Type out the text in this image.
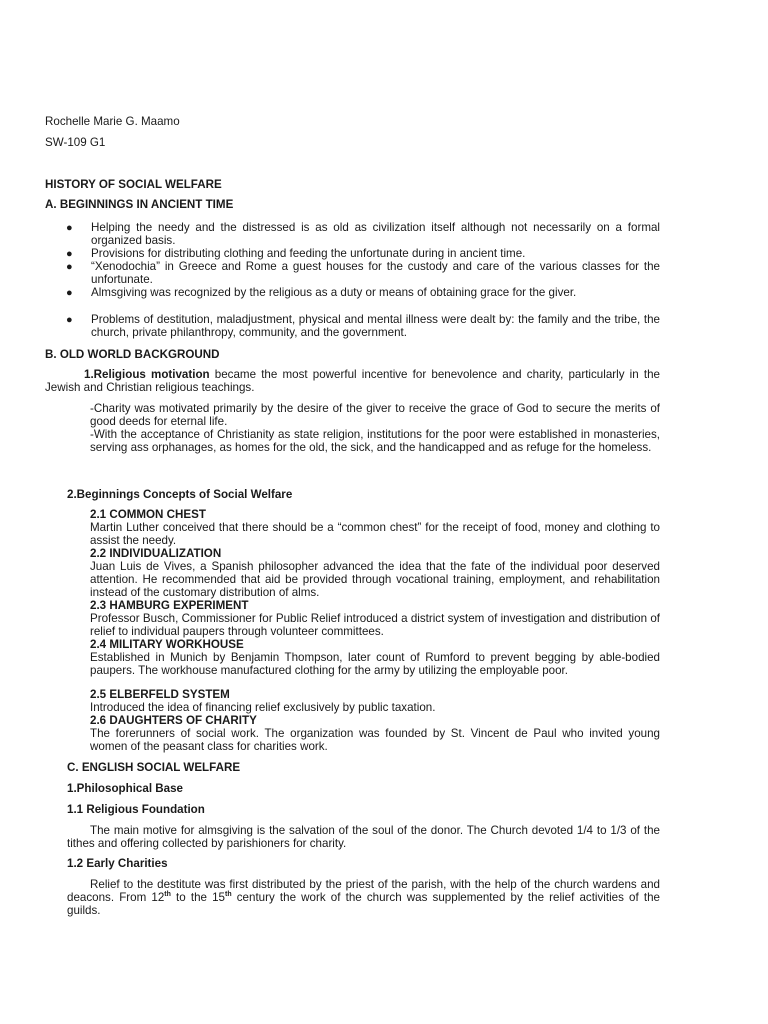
Rochelle Marie G. Maamo
SW-109 G1
HISTORY OF SOCIAL WELFARE
A. BEGINNINGS IN ANCIENT TIME
● Helping the needy and the distressed is as old as civilization itself although not necessarily on a formal organized basis.
● Provisions for distributing clothing and feeding the unfortunate during in ancient time.
● “Xenodochia” in Greece and Rome a guest houses for the custody and care of the various classes for the unfortunate.
● Almsgiving was recognized by the religious as a duty or means of obtaining grace for the giver.
● Problems of destitution, maladjustment, physical and mental illness were dealt by: the family and the tribe, the church, private philanthropy, community, and the government.
B. OLD WORLD BACKGROUND
1.Religious motivation became the most powerful incentive for benevolence and charity, particularly in the Jewish and Christian religious teachings.
-Charity was motivated primarily by the desire of the giver to receive the grace of God to secure the merits of good deeds for eternal life.
-With the acceptance of Christianity as state religion, institutions for the poor were established in monasteries, serving ass orphanages, as homes for the old, the sick, and the handicapped and as refuge for the homeless.
2.Beginnings Concepts of Social Welfare
2.1 COMMON CHEST
Martin Luther conceived that there should be a “common chest” for the receipt of food, money and clothing to assist the needy.
2.2 INDIVIDUALIZATION
Juan Luis de Vives, a Spanish philosopher advanced the idea that the fate of the individual poor deserved attention. He recommended that aid be provided through vocational training, employment, and rehabilitation instead of the customary distribution of alms.
2.3 HAMBURG EXPERIMENT
Professor Busch, Commissioner for Public Relief introduced a district system of investigation and distribution of relief to individual paupers through volunteer committees.
2.4 MILITARY WORKHOUSE
Established in Munich by Benjamin Thompson, later count of Rumford to prevent begging by able-bodied paupers. The workhouse manufactured clothing for the army by utilizing the employable poor.
2.5 ELBERFELD SYSTEM
Introduced the idea of financing relief exclusively by public taxation.
2.6 DAUGHTERS OF CHARITY
The forerunners of social work. The organization was founded by St. Vincent de Paul who invited young women of the peasant class for charities work.
C. ENGLISH SOCIAL WELFARE
1.Philosophical Base
1.1 Religious Foundation
The main motive for almsgiving is the salvation of the soul of the donor. The Church devoted 1/4 to 1/3 of the tithes and offering collected by parishioners for charity.
1.2 Early Charities
Relief to the destitute was first distributed by the priest of the parish, with the help of the church wardens and deacons. From 12th to the 15th century the work of the church was supplemented by the relief activities of the guilds.
